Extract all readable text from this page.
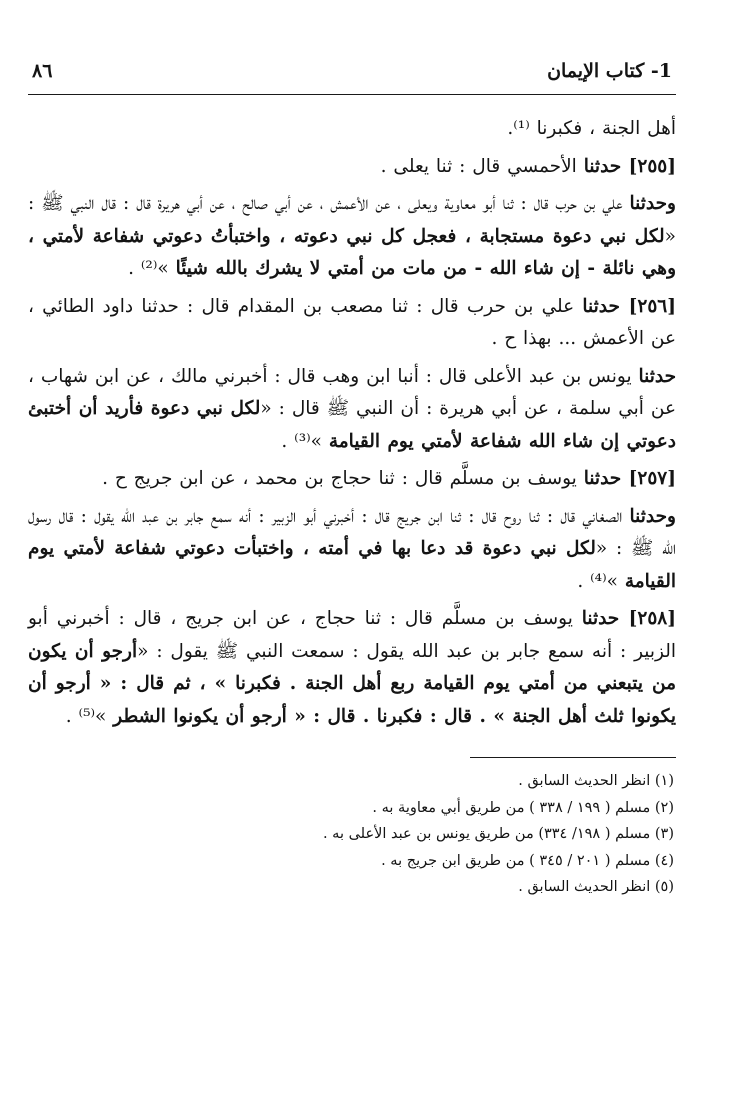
1- كتاب الإيمان
٨٦

أهل الجنة ، فكبرنا ⁽¹⁾.

[٢٥٥] حدثنا الأحمسي قال : ثنا يعلى .

وحدثنا علي بن حرب قال : ثنا أبو معاوية ويعلى ، عن الأعمش ، عن أبي صالح ، عن أبي هريرة قال : قال النبي ﷺ : «لكل نبي دعوة مستجابة ، فعجل كل نبي دعوته ، واختبأتُ دعوتي شفاعة لأمتي ، وهي نائلة - إن شاء الله - من مات من أمتي لا يشرك بالله شيئًا »⁽²⁾ .

[٢٥٦] حدثنا علي بن حرب قال : ثنا مصعب بن المقدام قال : حدثنا داود الطائي ، عن الأعمش ... بهذا ح .

حدثنا يونس بن عبد الأعلى قال : أنبا ابن وهب قال : أخبرني مالك ، عن ابن شهاب ، عن أبي سلمة ، عن أبي هريرة : أن النبي ﷺ قال : «لكل نبي دعوة فأريد أن أختبئ دعوتي إن شاء الله شفاعة لأمتي يوم القيامة »⁽³⁾ .

[٢٥٧] حدثنا يوسف بن مسلَّم قال : ثنا حجاج بن محمد ، عن ابن جريج ح .

وحدثنا الصغاني قال : ثنا روح قال : ثنا ابن جريج قال : أخبرني أبو الزبير : أنه سمع جابر بن عبد الله يقول : قال رسول الله ﷺ : «لكل نبي دعوة قد دعا بها في أمته ، واختبأت دعوتي شفاعة لأمتي يوم القيامة »⁽⁴⁾ .

[٢٥٨] حدثنا يوسف بن مسلَّم قال : ثنا حجاج ، عن ابن جريج ، قال : أخبرني أبو الزبير : أنه سمع جابر بن عبد الله يقول : سمعت النبي ﷺ يقول : «أرجو أن يكون من يتبعني من أمتي يوم القيامة ربع أهل الجنة . فكبرنا » ، ثم قال : « أرجو أن يكونوا ثلث أهل الجنة » . قال : فكبرنا . قال : « أرجو أن يكونوا الشطر »⁽⁵⁾ .

(١) انظر الحديث السابق .

(٢) مسلم ( ١٩٩ / ٣٣٨ ) من طريق أبي معاوية به .

(٣) مسلم ( ١٩٨/ ٣٣٤) من طريق يونس بن عبد الأعلى به .

(٤) مسلم ( ٢٠١ / ٣٤٥ ) من طريق ابن جريج به .

(٥) انظر الحديث السابق .
